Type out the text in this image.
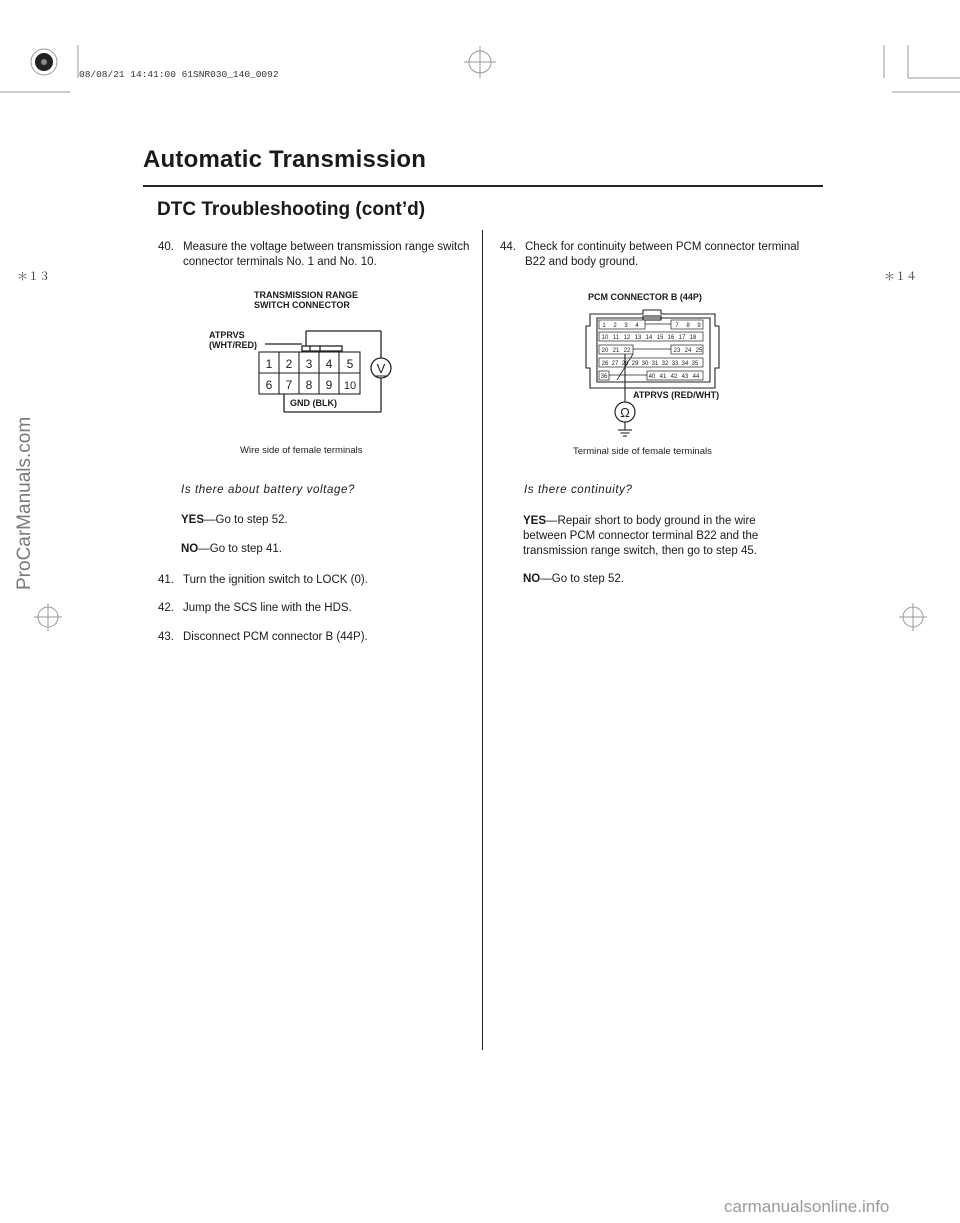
08/08/21 14:41:00 61SNR030_140_0092
Automatic Transmission
DTC Troubleshooting (cont’d)
＊１３	＊１４
40. Measure the voltage between transmission range switch connector terminals No. 1 and No. 10.
TRANSMISSION RANGE
SWITCH CONNECTOR
ATPRVS
(WHT/RED)
GND (BLK)
1 2 3 4 5
6 7 8 9 10
V
Wire side of female terminals
Is there about battery voltage?
YES—Go to step 52.
NO—Go to step 41.
41. Turn the ignition switch to LOCK (0).
42. Jump the SCS line with the HDS.
43. Disconnect PCM connector B (44P).
44. Check for continuity between PCM connector terminal B22 and body ground.
PCM CONNECTOR B (44P)
1 2 3 4	7 8 9
10 11 12 13 14 15 16 17 18
20 21 22	23 24 25
26 27 28 29 30 31 32 33 34 35
36	40 41 42 43 44
Ω
ATPRVS (RED/WHT)
Terminal side of female terminals
Is there continuity?
YES—Repair short to body ground in the wire between PCM connector terminal B22 and the transmission range switch, then go to step 45.
NO—Go to step 52.
ProCarManuals.com
carmanualsonline.info
